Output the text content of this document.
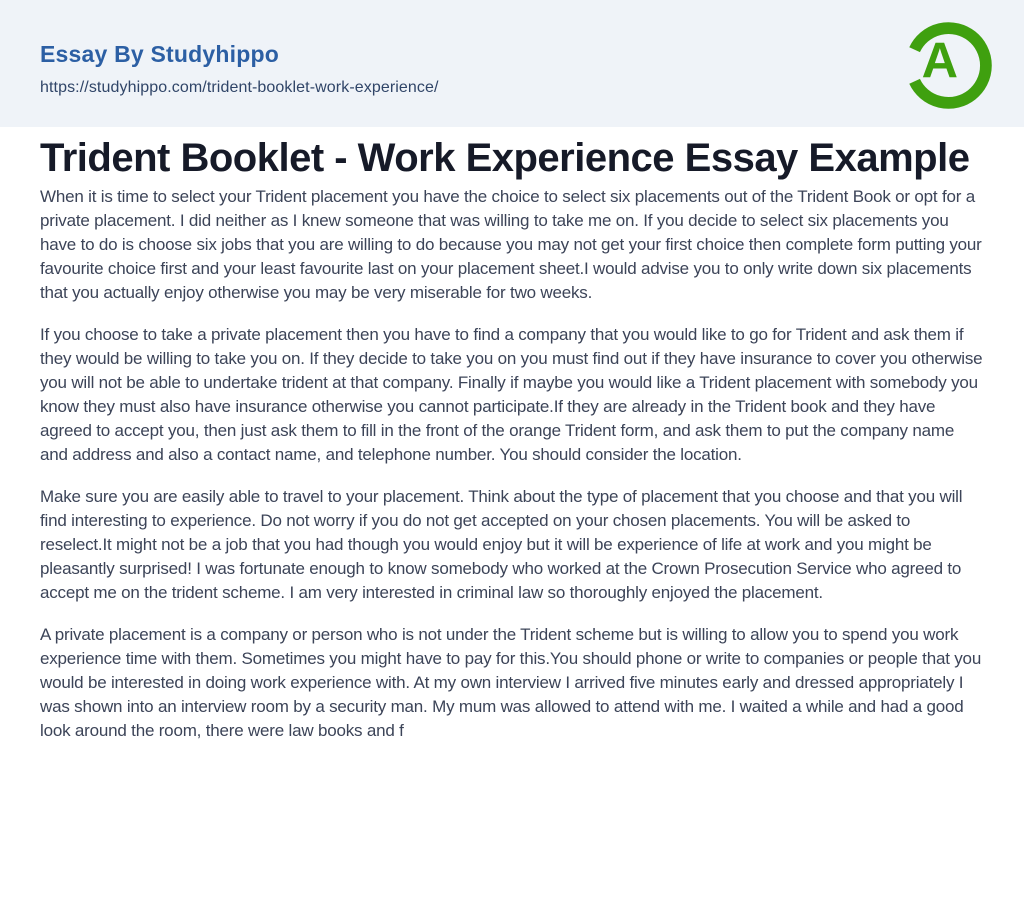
Essay By Studyhippo
https://studyhippo.com/trident-booklet-work-experience/	A
Trident Booklet - Work Experience Essay Example

When it is time to select your Trident placement you have the choice to select six placements out of the Trident Book or opt for a private placement. I did neither as I knew someone that was willing to take me on. If you decide to select six placements you have to do is choose six jobs that you are willing to do because you may not get your first choice then complete form putting your favourite choice first and your least favourite last on your placement sheet.I would advise you to only write down six placements that you actually enjoy otherwise you may be very miserable for two weeks.

If you choose to take a private placement then you have to find a company that you would like to go for Trident and ask them if they would be willing to take you on. If they decide to take you on you must find out if they have insurance to cover you otherwise you will not be able to undertake trident at that company. Finally if maybe you would like a Trident placement with somebody you know they must also have insurance otherwise you cannot participate.If they are already in the Trident book and they have agreed to accept you, then just ask them to fill in the front of the orange Trident form, and ask them to put the company name and address and also a contact name, and telephone number. You should consider the location.

Make sure you are easily able to travel to your placement. Think about the type of placement that you choose and that you will find interesting to experience. Do not worry if you do not get accepted on your chosen placements. You will be asked to reselect.It might not be a job that you had though you would enjoy but it will be experience of life at work and you might be pleasantly surprised! I was fortunate enough to know somebody who worked at the Crown Prosecution Service who agreed to accept me on the trident scheme. I am very interested in criminal law so thoroughly enjoyed the placement.

A private placement is a company or person who is not under the Trident scheme but is willing to allow you to spend you work experience time with them. Sometimes you might have to pay for this.You should phone or write to companies or people that you would be interested in doing work experience with. At my own interview I arrived five minutes early and dressed appropriately I was shown into an interview room by a security man. My mum was allowed to attend with me. I waited a while and had a good look around the room, there were law books and f
